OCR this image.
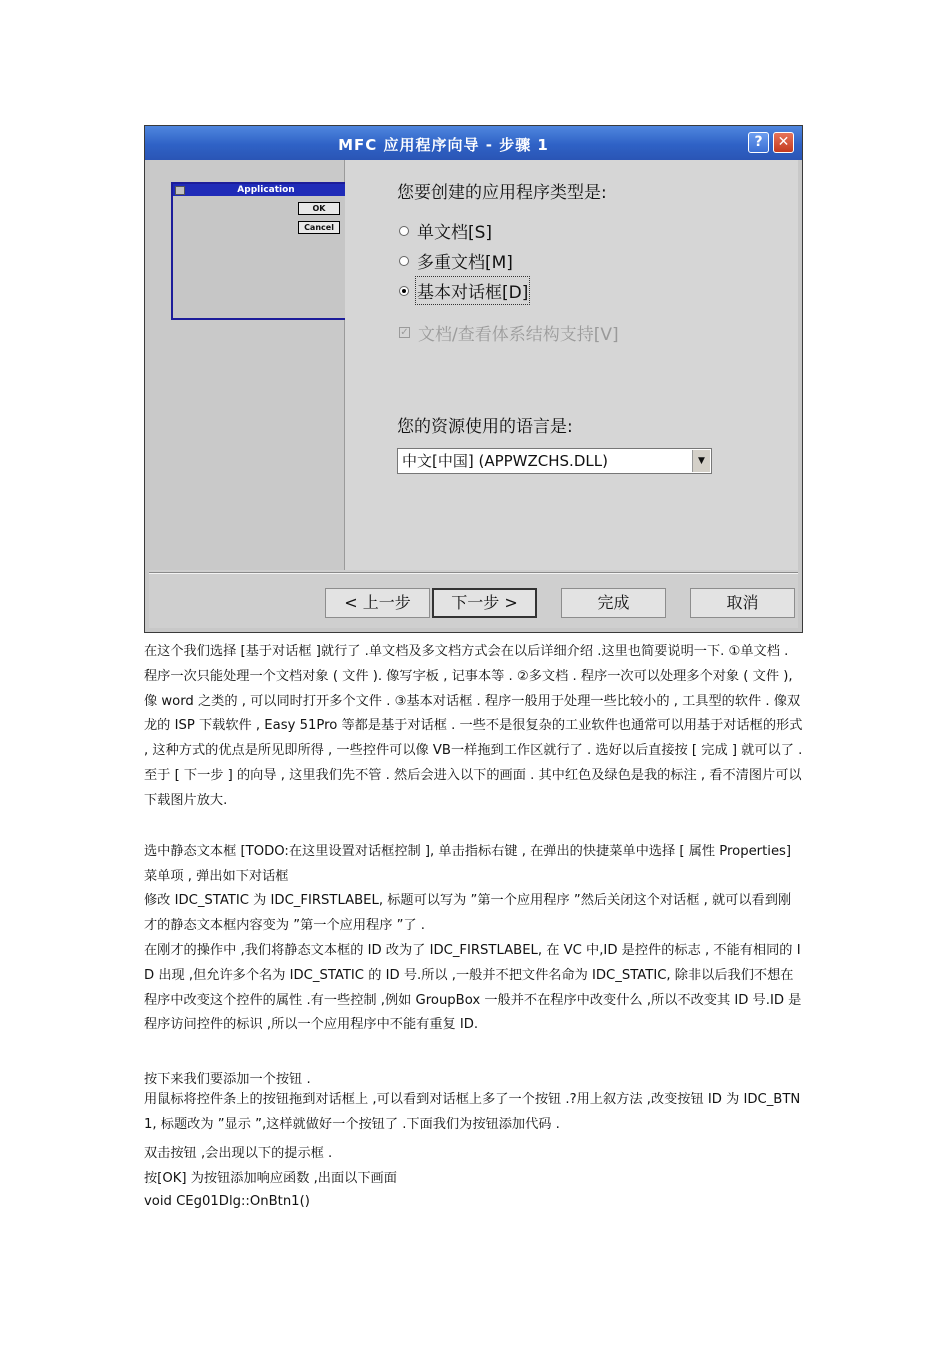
MFC 应用程序向导 - 步骤 1	?	✕
Application
OK
Cancel
您要创建的应用程序类型是:
单文档[S]
多重文档[M]
基本对话框[D]
✓ 文档/查看体系结构支持[V]
您的资源使用的语言是:
中文[中国] (APPWZCHS.DLL)	▼
< 上一步	下一步 >	完成	取消

在这个我们选择 [基于对话框 ]就行了 .单文档及多文档方式会在以后详细介绍 .这里也简要说明一下. ①单文档 . 程序一次只能处理一个文档对象 ( 文件 ). 像写字板 , 记事本等 . ②多文档 . 程序一次可以处理多个对象 ( 文件 ), 像 word 之类的 , 可以同时打开多个文件 . ③基本对话框 . 程序一般用于处理一些比较小的 , 工具型的软件 . 像双龙的 ISP 下载软件 , Easy 51Pro 等都是基于对话框 . 一些不是很复杂的工业软件也通常可以用基于对话框的形式 , 这种方式的优点是所见即所得 , 一些控件可以像 VB一样拖到工作区就行了 . 选好以后直接按 [ 完成 ] 就可以了 . 至于 [ 下一步 ] 的向导 , 这里我们先不管 . 然后会进入以下的画面 . 其中红色及绿色是我的标注 , 看不清图片可以下载图片放大.

选中静态文本框 [TODO:在这里设置对话框控制 ], 单击指标右键 , 在弹出的快捷菜单中选择 [ 属性 Properties] 菜单项 , 弹出如下对话框

修改 IDC_STATIC 为 IDC_FIRSTLABEL, 标题可以写为 ”第一个应用程序 ”然后关闭这个对话框 , 就可以看到刚才的静态文本框内容变为 ”第一个应用程序 ”了 .

在刚才的操作中 ,我们将静态文本框的 ID 改为了 IDC_FIRSTLABEL, 在 VC 中,ID 是控件的标志 , 不能有相同的 ID 出现 ,但允许多个名为 IDC_STATIC 的 ID 号.所以 ,一般并不把文件名命为 IDC_STATIC, 除非以后我们不想在程序中改变这个控件的属性 .有一些控制 ,例如 GroupBox 一般并不在程序中改变什么 ,所以不改变其 ID 号.ID 是程序访问控件的标识 ,所以一个应用程序中不能有重复 ID.

按下来我们要添加一个按钮 .

用鼠标将控件条上的按钮拖到对话框上 ,可以看到对话框上多了一个按钮 .?用上叙方法 ,改变按钮 ID 为 IDC_BTN1, 标题改为 ”显示 ”,这样就做好一个按钮了 .下面我们为按钮添加代码 .

双击按钮 ,会出现以下的提示框 .
按[OK] 为按钮添加响应函数 ,出面以下画面
void CEg01Dlg::OnBtn1()
